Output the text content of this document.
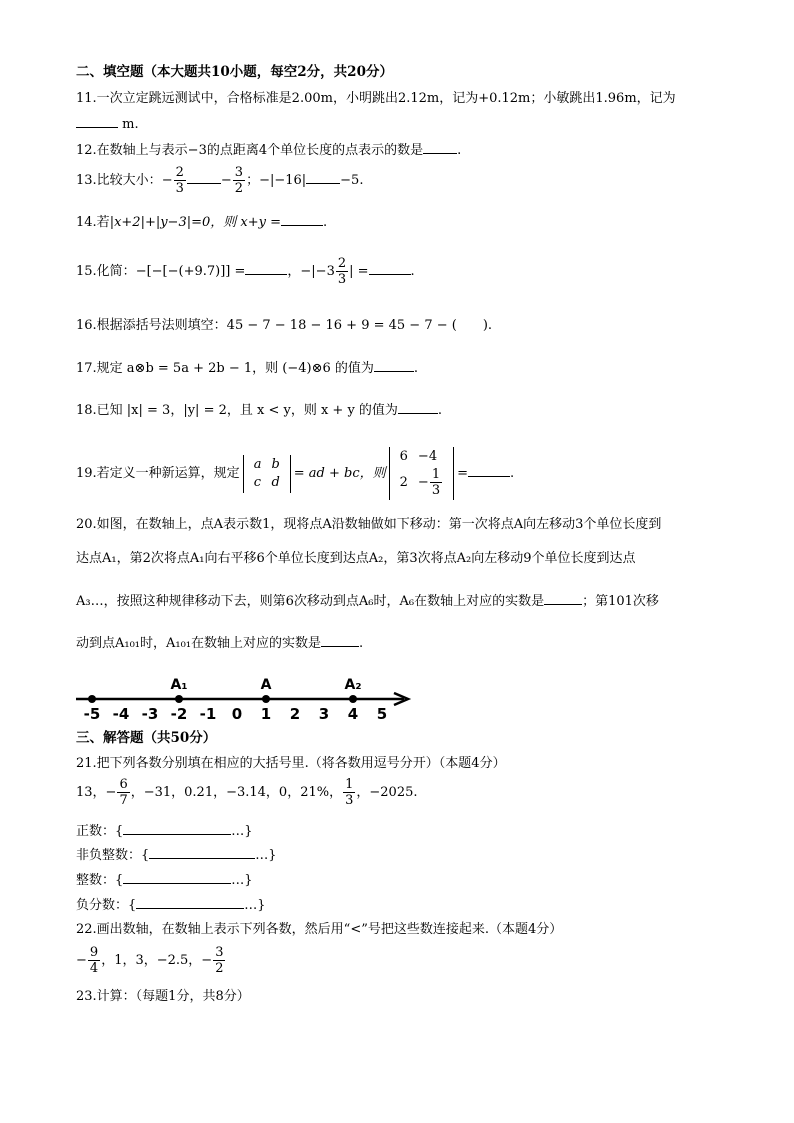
二、填空题（本大题共10小题，每空2分，共20分）
11.一次立定跳远测试中，合格标准是2.00m，小明跳出2.12m，记为+0.12m；小敏跳出1.96m，记为
m.
12.在数轴上与表示−3的点距离4个单位长度的点表示的数是	.
13.比较大小：− $\frac{2}{3}$	− $\frac{3}{2}$ ；−|−16|	−5.
14.若|x+2|+|y−3|=0，则 x+y =	.
15.化简：−[−[−(+9.7)]] =	，$-|-3 \frac{2}{3}$ | =	.
16.根据添括号法则填空：45 − 7 − 18 − 16 + 9 = 45 − 7 − (　　).
17.规定 a⊗b = 5a + 2b − 1，则 (−4)⊗6 的值为	.
18.已知 |x| = 3，|y| = 2，且 x < y，则 x + y 的值为	.
19.若定义一种新运算，规定
a	b
c	d
= ad + bc，则
6	−4
2	− $\frac{1}{3}$ =	.
20.如图，在数轴上，点A表示数1，现将点A沿数轴做如下移动：第一次将点A向左移动3个单位长度到
达点A₁，第2次将点A₁向右平移6个单位长度到达点A₂，第3次将点A₂向左移动9个单位长度到达点
A₃…，按照这种规律移动下去，则第6次移动到点A₆时，A₆在数轴上对应的实数是	；第101次移
动到点A₁₀₁时，A₁₀₁在数轴上对应的实数是	.
-5 -4 -3 -2 -1 0 1 2 3 4 5
A₁	A	A₂
三、解答题（共50分）
21.把下列各数分别填在相应的大括号里.（将各数用逗号分开）（本题4分）
13，− $\frac{6}{7}$ ，−31，0.21，−3.14，0，21%， $\frac{1}{3}$ ，−2025.
正数：{	…}
非负整数：{	…}
整数：{	…}
负分数：{	…}
22.画出数轴，在数轴上表示下列各数，然后用“<”号把这些数连接起来.（本题4分）
− $\frac{9}{4}$ ，1，3，−2.5，− $\frac{3}{2}$
23.计算：（每题1分，共8分）
